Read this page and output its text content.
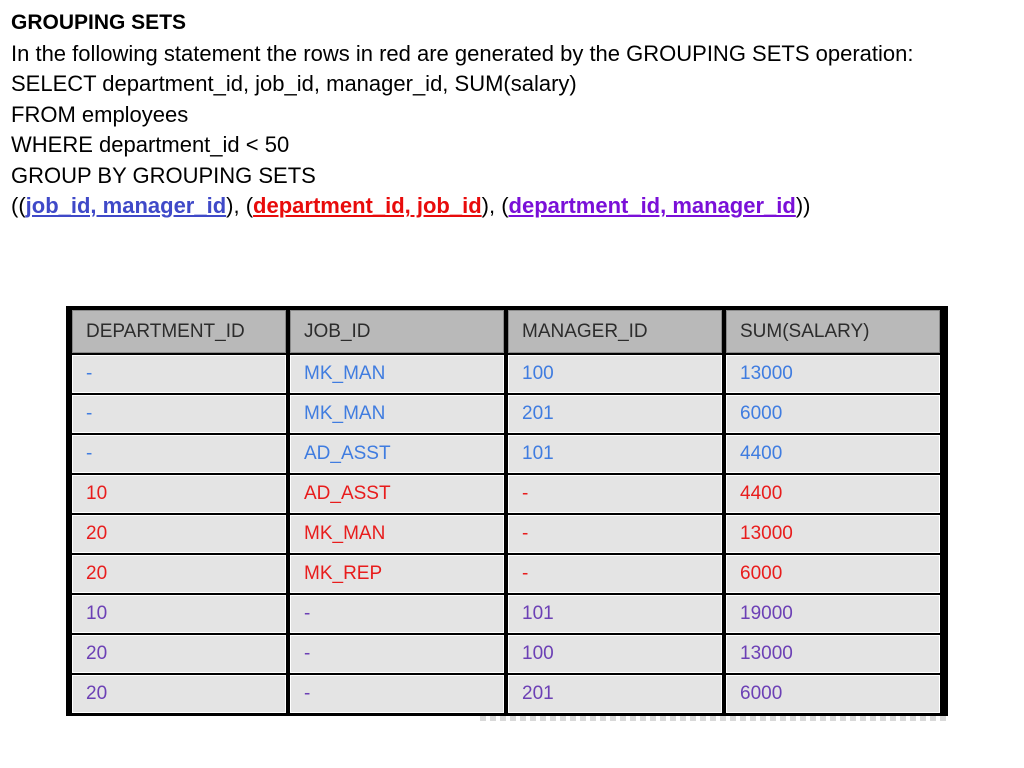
GROUPING SETS
In the following statement the rows in red are generated by the GROUPING SETS operation:
SELECT department_id, job_id, manager_id, SUM(salary)
FROM employees
WHERE department_id < 50
GROUP BY GROUPING SETS
((job_id, manager_id), (department_id, job_id), (department_id, manager_id))
DEPARTMENT_ID	JOB_ID	MANAGER_ID	SUM(SALARY)
-	MK_MAN	100	13000
-	MK_MAN	201	6000
-	AD_ASST	101	4400
10	AD_ASST	-	4400
20	MK_MAN	-	13000
20	MK_REP	-	6000
10	-	101	19000
20	-	100	13000
20	-	201	6000
